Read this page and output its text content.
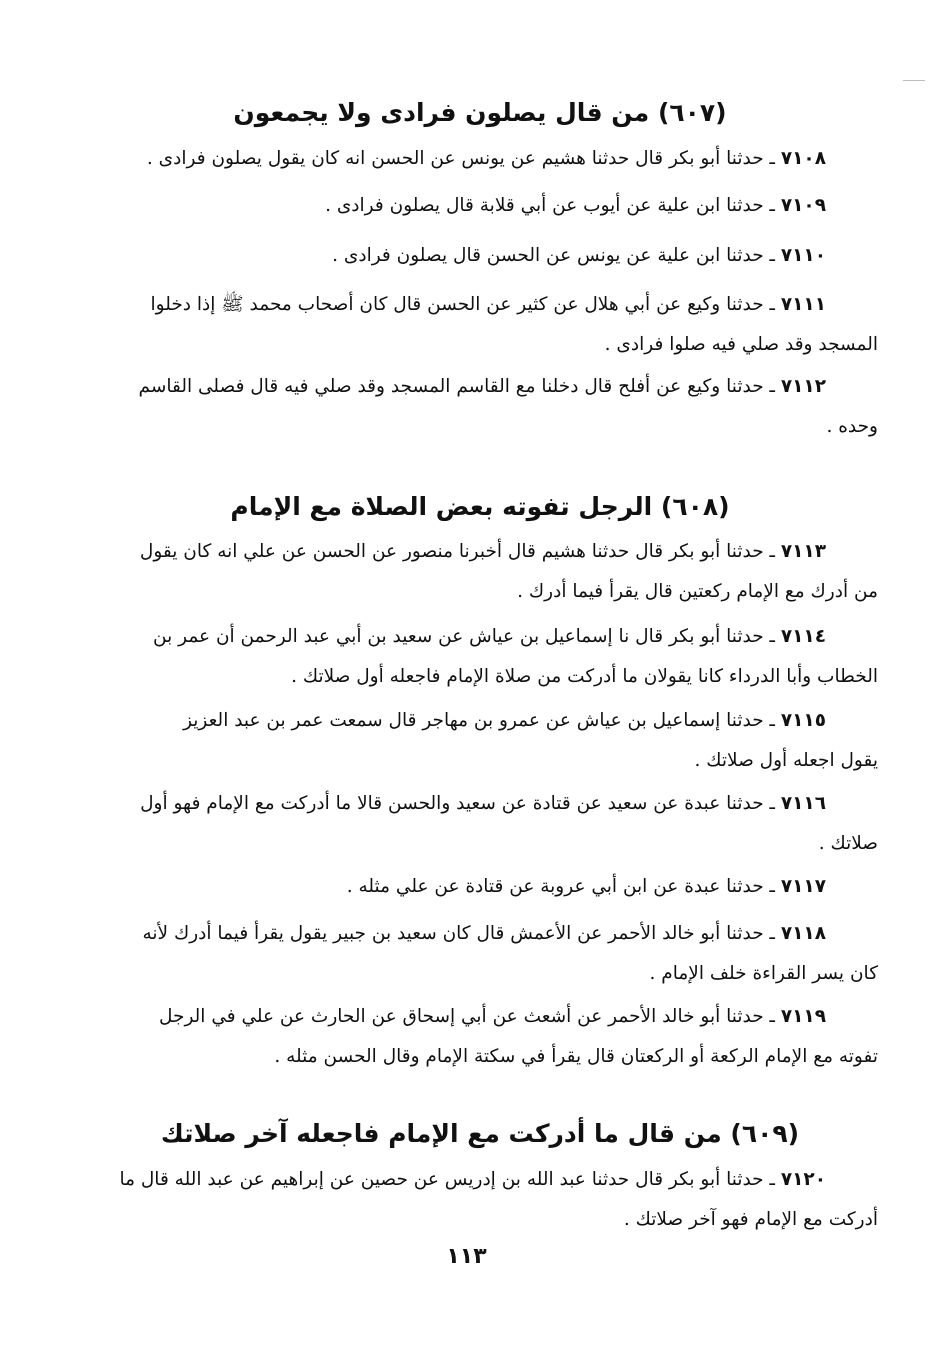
(٦٠٧) من قال يصلون فرادى ولا يجمعون
٧١٠٨ ـ حدثنا أبو بكر قال حدثنا هشيم عن يونس عن الحسن انه كان يقول يصلون فرادى .
٧١٠٩ ـ حدثنا ابن علية عن أيوب عن أبي قلابة قال يصلون فرادى .
٧١١٠ ـ حدثنا ابن علية عن يونس عن الحسن قال يصلون فرادى .
٧١١١ ـ حدثنا وكيع عن أبي هلال عن كثير عن الحسن قال كان أصحاب محمد ﷺ إذا دخلوا
المسجد وقد صلي فيه صلوا فرادى .
٧١١٢ ـ حدثنا وكيع عن أفلح قال دخلنا مع القاسم المسجد وقد صلي فيه قال فصلى القاسم
وحده .
(٦٠٨) الرجل تفوته بعض الصلاة مع الإمام
٧١١٣ ـ حدثنا أبو بكر قال حدثنا هشيم قال أخبرنا منصور عن الحسن عن علي انه كان يقول
من أدرك مع الإمام ركعتين قال يقرأ فيما أدرك .
٧١١٤ ـ حدثنا أبو بكر قال نا إسماعيل بن عياش عن سعيد بن أبي عبد الرحمن أن عمر بن
الخطاب وأبا الدرداء كانا يقولان ما أدركت من صلاة الإمام فاجعله أول صلاتك .
٧١١٥ ـ حدثنا إسماعيل بن عياش عن عمرو بن مهاجر قال سمعت عمر بن عبد العزيز
يقول اجعله أول صلاتك .
٧١١٦ ـ حدثنا عبدة عن سعيد عن قتادة عن سعيد والحسن قالا ما أدركت مع الإمام فهو أول
صلاتك .
٧١١٧ ـ حدثنا عبدة عن ابن أبي عروبة عن قتادة عن علي مثله .
٧١١٨ ـ حدثنا أبو خالد الأحمر عن الأعمش قال كان سعيد بن جبير يقول يقرأ فيما أدرك لأنه
كان يسر القراءة خلف الإمام .
٧١١٩ ـ حدثنا أبو خالد الأحمر عن أشعث عن أبي إسحاق عن الحارث عن علي في الرجل
تفوته مع الإمام الركعة أو الركعتان قال يقرأ في سكتة الإمام وقال الحسن مثله .
(٦٠٩) من قال ما أدركت مع الإمام فاجعله آخر صلاتك
٧١٢٠ ـ حدثنا أبو بكر قال حدثنا عبد الله بن إدريس عن حصين عن إبراهيم عن عبد الله قال ما
أدركت مع الإمام فهو آخر صلاتك .
١١٣
